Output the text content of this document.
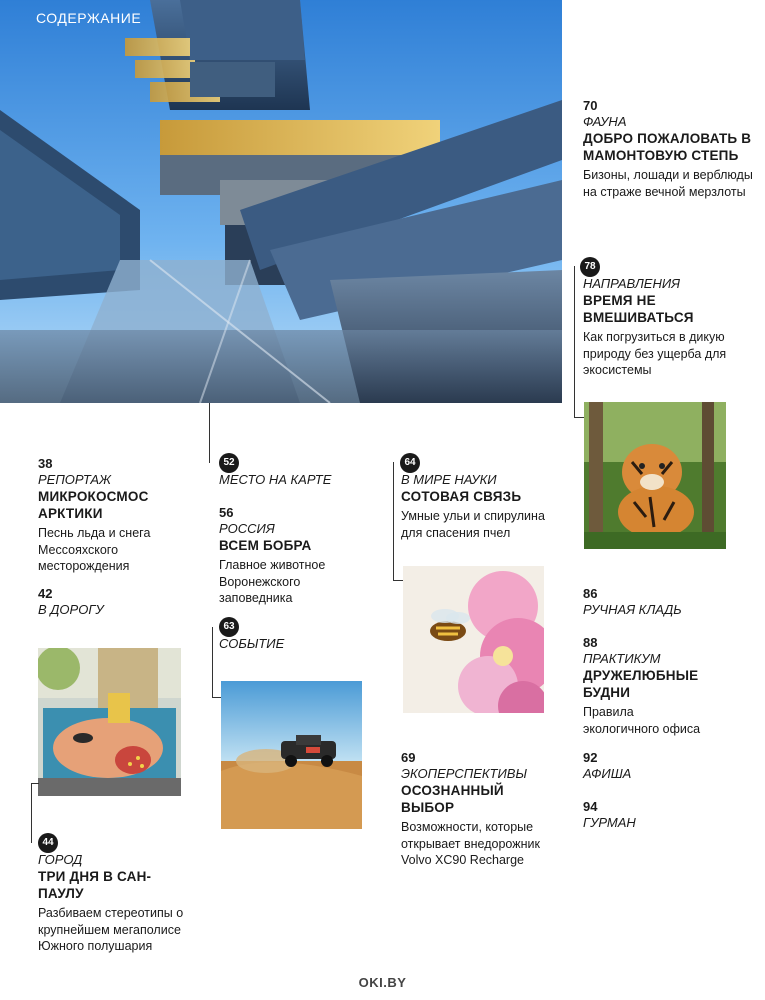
СОДЕРЖАНИЕ
70
ФАУНА
ДОБРО ПОЖАЛОВАТЬ В МАМОНТОВУЮ СТЕПЬ
Бизоны, лошади и верблюды на страже вечной мерзлоты
78
НАПРАВЛЕНИЯ
ВРЕМЯ НЕ ВМЕШИВАТЬСЯ
Как погрузиться в дикую природу без ущерба для экосистемы
38
РЕПОРТАЖ
МИКРОКОСМОС АРКТИКИ
Песнь льда и снега Мессояхского месторождения
52
МЕСТО НА КАРТЕ
64
В МИРЕ НАУКИ
СОТОВАЯ СВЯЗЬ
Умные ульи и спирулина для спасения пчел
56
РОССИЯ
ВСЕМ БОБРА
Главное животное Воронежского заповедника
42
В ДОРОГУ
63
СОБЫТИЕ
86
РУЧНАЯ КЛАДЬ
88
ПРАКТИКУМ
ДРУЖЕЛЮБНЫЕ БУДНИ
Правила экологичного офиса
92
АФИША
94
ГУРМАН
69
ЭКОПЕРСПЕКТИВЫ
ОСОЗНАННЫЙ ВЫБОР
Возможности, которые открывает внедорожник Volvo XC90 Recharge
44
ГОРОД
ТРИ ДНЯ В САН-ПАУЛУ
Разбиваем стереотипы о крупнейшем мегаполисе Южного полушария
OKI.BY
